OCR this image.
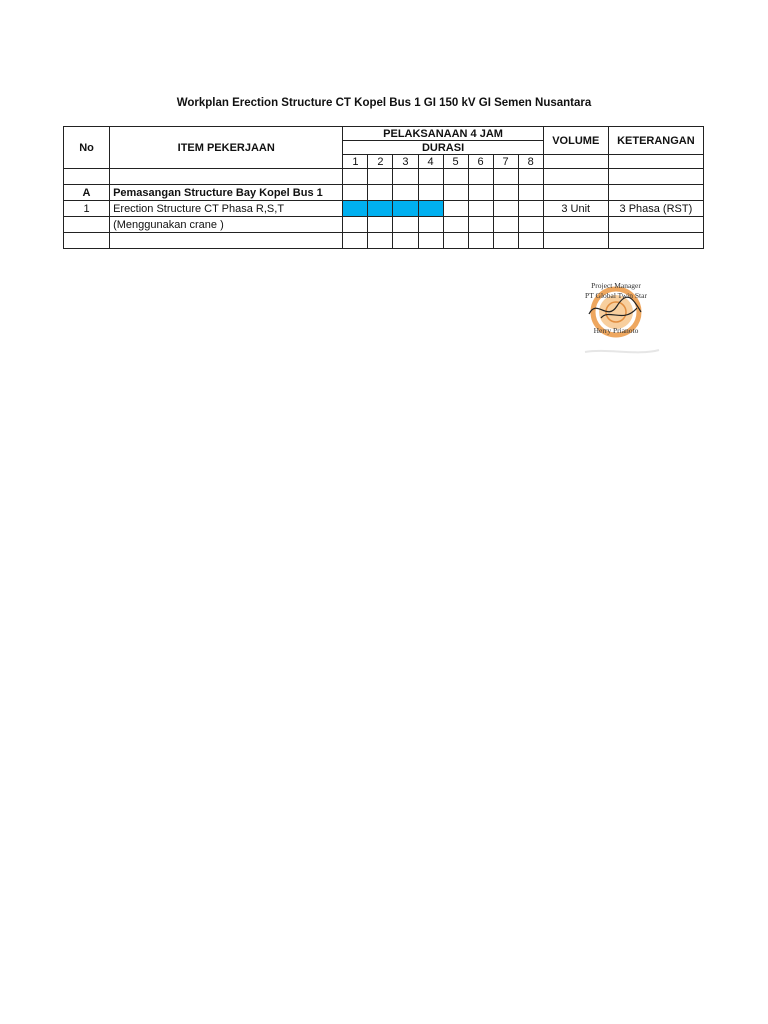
Workplan Erection Structure CT Kopel Bus 1 GI 150 kV GI Semen Nusantara
No	ITEM PEKERJAAN	PELAKSANAAN 4 JAM								VOLUME	KETERANGAN
		DURASI									
		1	2	3	4	5	6	7	8		

A	Pemasangan Structure Bay Kopel Bus 1										
1	Erection Structure CT Phasa R,S,T									3 Unit	3 Phasa (RST)
	(Menggunakan crane )										

Project Manager
PT Global Twin Star
Herry Prianoto
